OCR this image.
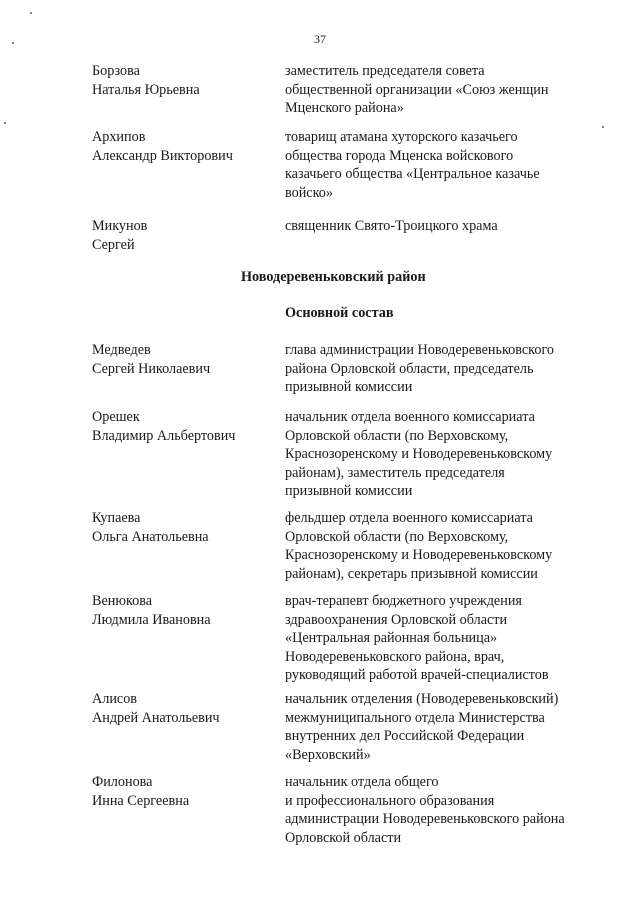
37
Борзова
Наталья Юрьевна
заместитель председателя совета
общественной организации «Союз женщин
Мценского района»
Архипов
Александр Викторович
товарищ атамана хуторского казачьего
общества города Мценска войскового
казачьего общества «Центральное казачье
войско»
Микунов
Сергей
священник Свято-Троицкого храма
Новодеревеньковский район
Основной состав
Медведев
Сергей Николаевич
глава администрации Новодеревеньковского
района Орловской области, председатель
призывной комиссии
Орешек
Владимир Альбертович
начальник отдела военного комиссариата
Орловской области (по Верховскому,
Краснозоренскому и Новодеревеньковскому
районам), заместитель председателя
призывной комиссии
Купаева
Ольга Анатольевна
фельдшер отдела военного комиссариата
Орловской области (по Верховскому,
Краснозоренскому и Новодеревеньковскому
районам), секретарь призывной комиссии
Венюкова
Людмила Ивановна
врач-терапевт бюджетного учреждения
здравоохранения Орловской области
«Центральная районная больница»
Новодеревеньковского района, врач,
руководящий работой врачей-специалистов
Алисов
Андрей Анатольевич
начальник отделения (Новодеревеньковский)
межмуниципального отдела Министерства
внутренних дел Российской Федерации
«Верховский»
Филонова
Инна Сергеевна
начальник отдела общего
и профессионального образования
администрации Новодеревеньковского района
Орловской области
